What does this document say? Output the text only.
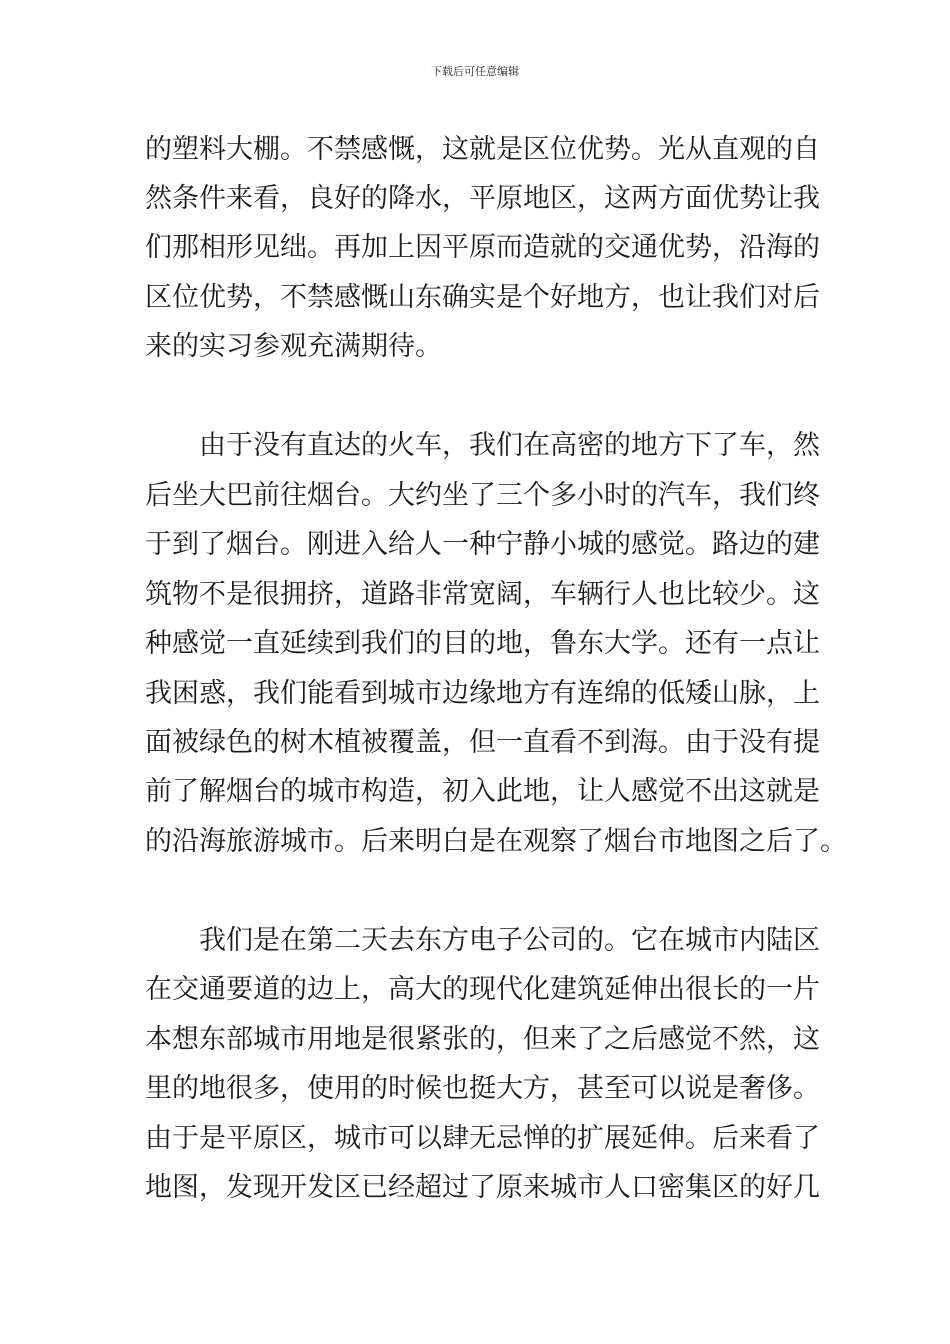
下载后可任意编辑
的塑料大棚。不禁感慨，这就是区位优势。光从直观的自
然条件来看，良好的降水，平原地区，这两方面优势让我
们那相形见绌。再加上因平原而造就的交通优势，沿海的
区位优势，不禁感慨山东确实是个好地方，也让我们对后
来的实习参观充满期待。
由于没有直达的火车，我们在高密的地方下了车，然
后坐大巴前往烟台。大约坐了三个多小时的汽车，我们终
于到了烟台。刚进入给人一种宁静小城的感觉。路边的建
筑物不是很拥挤，道路非常宽阔，车辆行人也比较少。这
种感觉一直延续到我们的目的地，鲁东大学。还有一点让
我困惑，我们能看到城市边缘地方有连绵的低矮山脉，上
面被绿色的树木植被覆盖，但一直看不到海。由于没有提
前了解烟台的城市构造，初入此地，让人感觉不出这就是
的沿海旅游城市。后来明白是在观察了烟台市地图之后了。
我们是在第二天去东方电子公司的。它在城市内陆区
在交通要道的边上，高大的现代化建筑延伸出很长的一片
本想东部城市用地是很紧张的，但来了之后感觉不然，这
里的地很多，使用的时候也挺大方，甚至可以说是奢侈。
由于是平原区，城市可以肆无忌惮的扩展延伸。后来看了
地图，发现开发区已经超过了原来城市人口密集区的好几
